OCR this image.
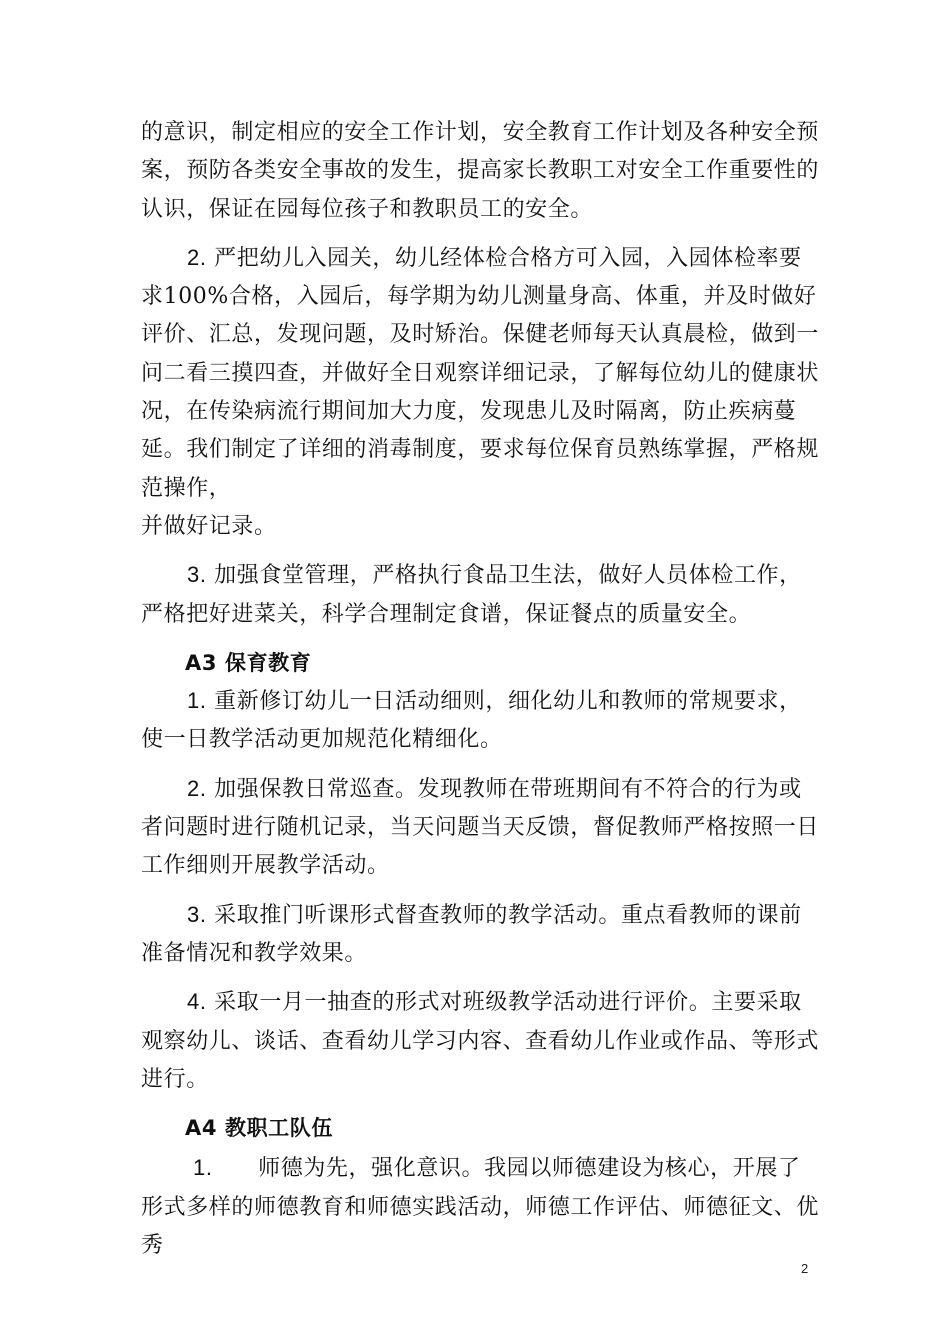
的意识，制定相应的安全工作计划，安全教育工作计划及各种安全预案，预防各类安全事故的发生，提高家长教职工对安全工作重要性的认识，保证在园每位孩子和教职员工的安全。

2. 严把幼儿入园关，幼儿经体检合格方可入园，入园体检率要求100%合格，入园后，每学期为幼儿测量身高、体重，并及时做好评价、汇总，发现问题，及时矫治。保健老师每天认真晨检，做到一问二看三摸四查，并做好全日观察详细记录，了解每位幼儿的健康状况，在传染病流行期间加大力度，发现患儿及时隔离，防止疾病蔓延。我们制定了详细的消毒制度，要求每位保育员熟练掌握，严格规范操作，
并做好记录。

3. 加强食堂管理，严格执行食品卫生法，做好人员体检工作，严格把好进菜关，科学合理制定食谱，保证餐点的质量安全。

A3 保育教育

1. 重新修订幼儿一日活动细则，细化幼儿和教师的常规要求，使一日教学活动更加规范化精细化。

2. 加强保教日常巡查。发现教师在带班期间有不符合的行为或者问题时进行随机记录，当天问题当天反馈，督促教师严格按照一日工作细则开展教学活动。

3. 采取推门听课形式督查教师的教学活动。重点看教师的课前准备情况和教学效果。

4. 采取一月一抽查的形式对班级教学活动进行评价。主要采取观察幼儿、谈话、查看幼儿学习内容、查看幼儿作业或作品、等形式进行。

A4 教职工队伍

1. 师德为先，强化意识。我园以师德建设为核心，开展了形式多样的师德教育和师德实践活动，师德工作评估、师德征文、优秀

2
